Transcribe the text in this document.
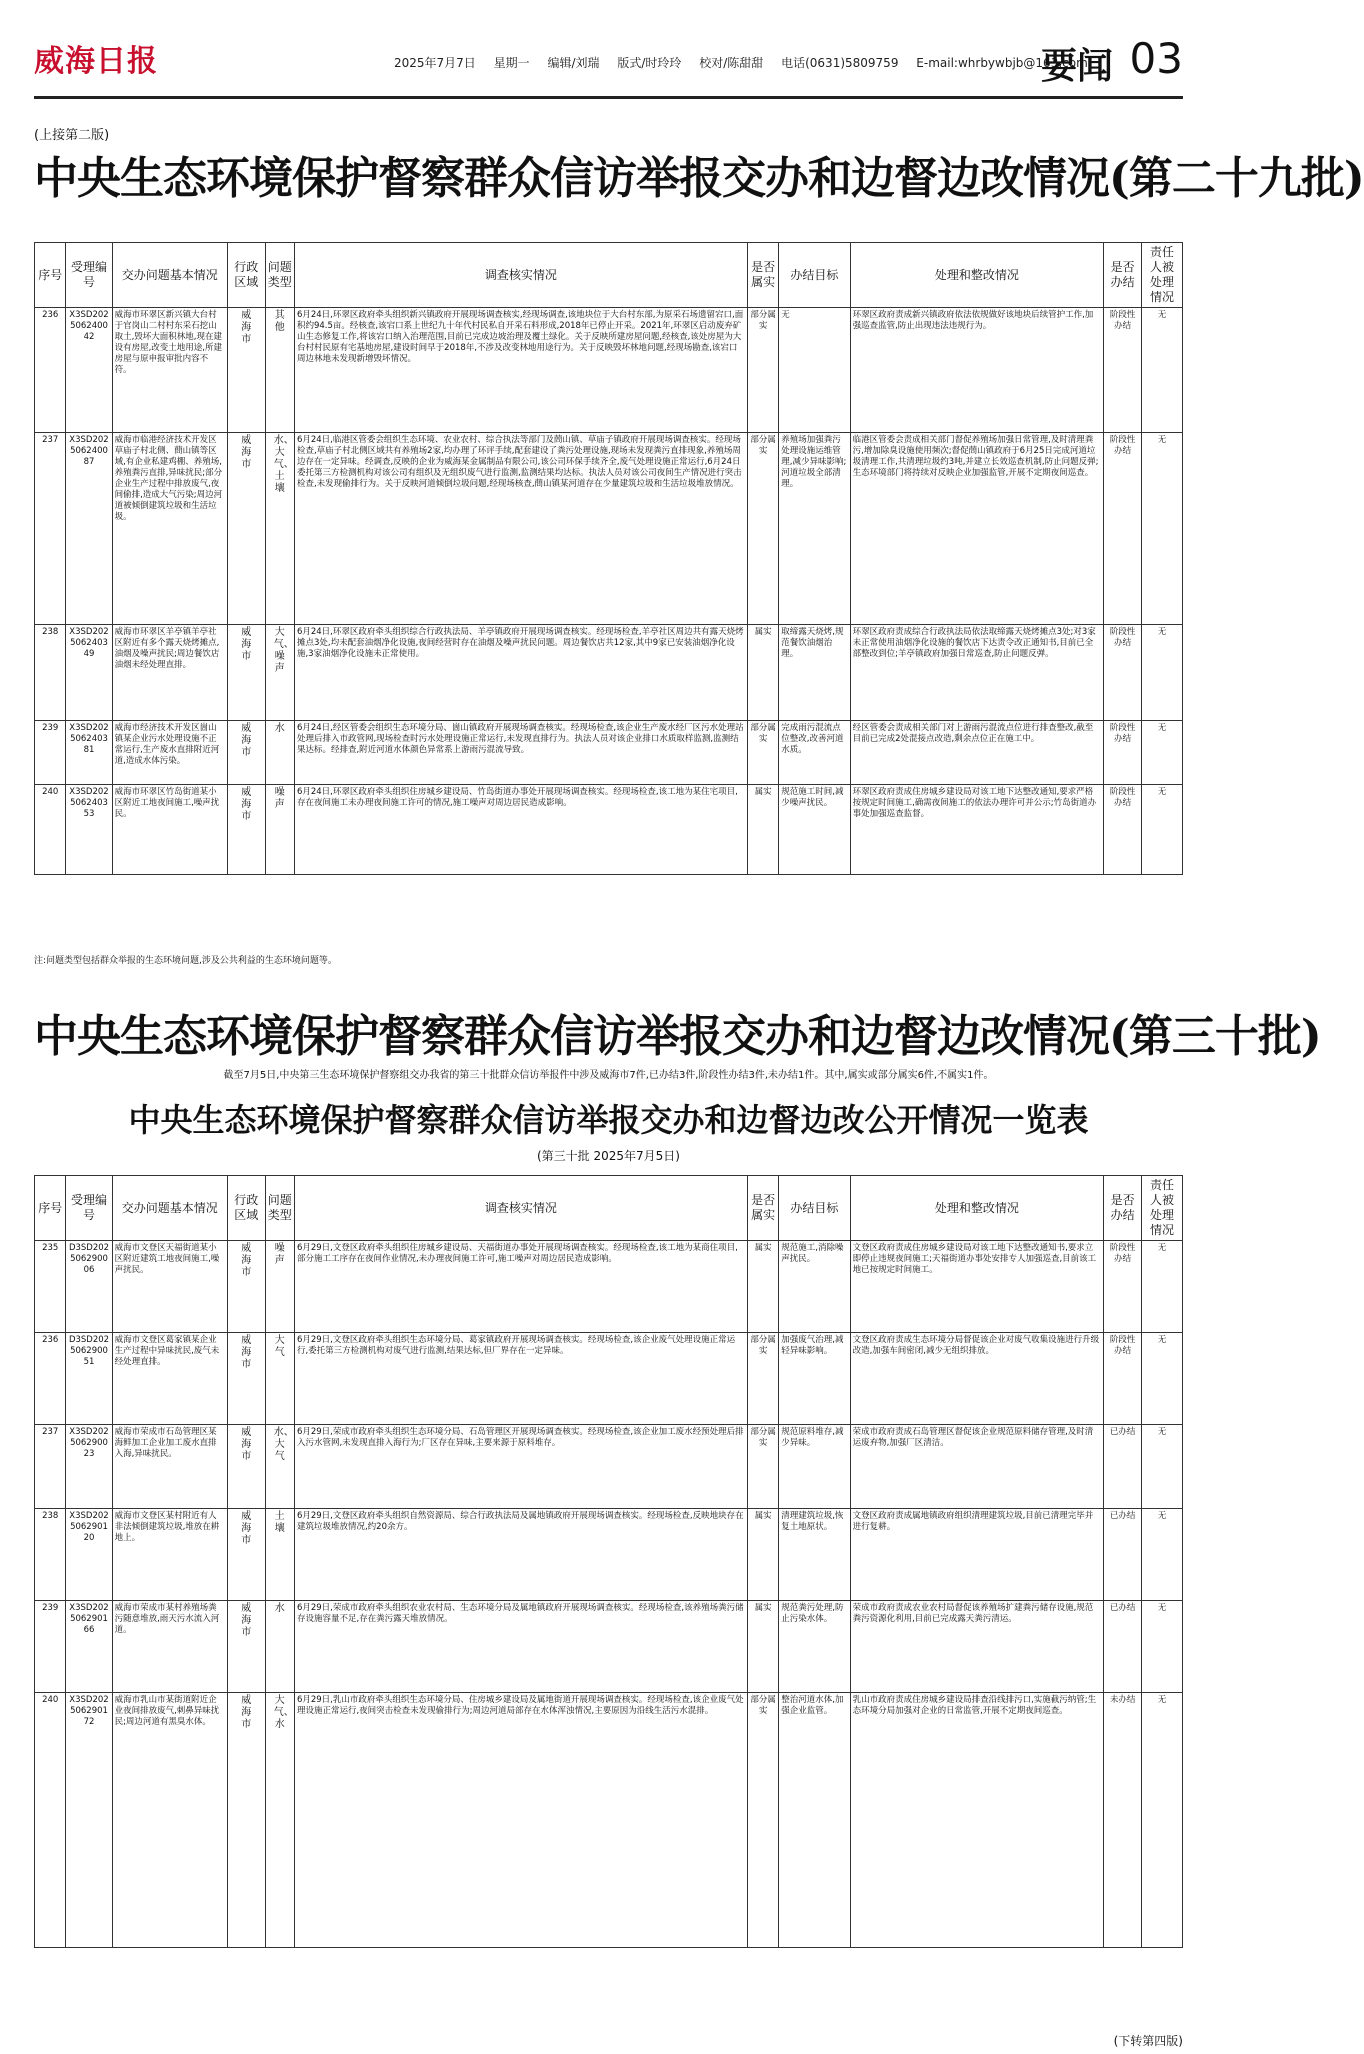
威海日报	2025年7月7日 星期一 编辑/刘瑞 版式/时玲玲 校对/陈甜甜 电话(0631)5809759 E-mail:whrbywbjb@163.com
要闻 03
(上接第二版)
中央生态环境保护督察群众信访举报交办和边督边改情况(第二十九批)
序号	受理编号	交办问题基本情况	行政区域	问题类型	调查核实情况	是否属实	办结目标	处理和整改情况	是否办结	责任人被处理情况
236	X3SD202506240042	威海市环翠区新兴镇大台村于官岗山二村村东采石挖山取土,毁坏大面积林地,现在建设有房屋,改变土地用途,所建房屋与原申报审批内容不符。	威海市	其他	6月24日,环翠区政府牵头组织新兴镇政府开展现场调查核实,经现场调查,该地块位于大台村东部,为原采石场遗留宕口,面积约94.5亩。经核查,该宕口系上世纪九十年代村民私自开采石料形成,2018年已停止开采。2021年,环翠区启动废弃矿山生态修复工作,将该宕口纳入治理范围,目前已完成边坡治理及覆土绿化。关于反映所建房屋问题,经核查,该处房屋为大台村村民原有宅基地房屋,建设时间早于2018年,不涉及改变林地用途行为。关于反映毁坏林地问题,经现场勘查,该宕口周边林地未发现新增毁坏情况。	部分属实	无	环翠区政府责成新兴镇政府依法依规做好该地块后续管护工作,加强巡查监管,防止出现违法违规行为。	阶段性办结	无
237	X3SD202506240087	威海市临港经济技术开发区草庙子村北侧、蔄山镇等区域,有企业私建鸡棚、养殖场,养殖粪污直排,异味扰民;部分企业生产过程中排放废气,夜间偷排,造成大气污染;周边河道被倾倒建筑垃圾和生活垃圾。	威海市	水、大气、土壤	6月24日,临港区管委会组织生态环境、农业农村、综合执法等部门及蔄山镇、草庙子镇政府开展现场调查核实。经现场检查,草庙子村北侧区域共有养殖场2家,均办理了环评手续,配套建设了粪污处理设施,现场未发现粪污直排现象,养殖场周边存在一定异味。经调查,反映的企业为威海某金属制品有限公司,该公司环保手续齐全,废气处理设施正常运行,6月24日委托第三方检测机构对该公司有组织及无组织废气进行监测,监测结果均达标。执法人员对该公司夜间生产情况进行突击检查,未发现偷排行为。关于反映河道倾倒垃圾问题,经现场核查,蔄山镇某河道存在少量建筑垃圾和生活垃圾堆放情况。	部分属实	养殖场加强粪污处理设施运维管理,减少异味影响;河道垃圾全部清理。	临港区管委会责成相关部门督促养殖场加强日常管理,及时清理粪污,增加除臭设施使用频次;督促蔄山镇政府于6月25日完成河道垃圾清理工作,共清理垃圾约3吨,并建立长效巡查机制,防止问题反弹;生态环境部门将持续对反映企业加强监管,开展不定期夜间巡查。	阶段性办结	无
238	X3SD202506240349	威海市环翠区羊亭镇羊亭社区附近有多个露天烧烤摊点,油烟及噪声扰民;周边餐饮店油烟未经处理直排。	威海市	大气、噪声	6月24日,环翠区政府牵头组织综合行政执法局、羊亭镇政府开展现场调查核实。经现场检查,羊亭社区周边共有露天烧烤摊点3处,均未配套油烟净化设施,夜间经营时存在油烟及噪声扰民问题。周边餐饮店共12家,其中9家已安装油烟净化设施,3家油烟净化设施未正常使用。	属实	取缔露天烧烤,规范餐饮油烟治理。	环翠区政府责成综合行政执法局依法取缔露天烧烤摊点3处;对3家未正常使用油烟净化设施的餐饮店下达责令改正通知书,目前已全部整改到位;羊亭镇政府加强日常巡查,防止问题反弹。	阶段性办结	无
239	X3SD202506240381	威海市经济技术开发区崮山镇某企业污水处理设施不正常运行,生产废水直排附近河道,造成水体污染。	威海市	水	6月24日,经区管委会组织生态环境分局、崮山镇政府开展现场调查核实。经现场检查,该企业生产废水经厂区污水处理站处理后排入市政管网,现场检查时污水处理设施正常运行,未发现直排行为。执法人员对该企业排口水质取样监测,监测结果达标。经排查,附近河道水体颜色异常系上游雨污混流导致。	部分属实	完成雨污混流点位整改,改善河道水质。	经区管委会责成相关部门对上游雨污混流点位进行排查整改,截至目前已完成2处混接点改造,剩余点位正在施工中。	阶段性办结	无
240	X3SD202506240353	威海市环翠区竹岛街道某小区附近工地夜间施工,噪声扰民。	威海市	噪声	6月24日,环翠区政府牵头组织住房城乡建设局、竹岛街道办事处开展现场调查核实。经现场检查,该工地为某住宅项目,存在夜间施工未办理夜间施工许可的情况,施工噪声对周边居民造成影响。	属实	规范施工时间,减少噪声扰民。	环翠区政府责成住房城乡建设局对该工地下达整改通知,要求严格按规定时间施工,确需夜间施工的依法办理许可并公示;竹岛街道办事处加强巡查监督。	阶段性办结	无
注:问题类型包括群众举报的生态环境问题,涉及公共利益的生态环境问题等。
中央生态环境保护督察群众信访举报交办和边督边改情况(第三十批)
截至7月5日,中央第三生态环境保护督察组交办我省的第三十批群众信访举报件中涉及威海市7件,已办结3件,阶段性办结3件,未办结1件。其中,属实或部分属实6件,不属实1件。
中央生态环境保护督察群众信访举报交办和边督边改公开情况一览表
(第三十批 2025年7月5日)
序号	受理编号	交办问题基本情况	行政区域	问题类型	调查核实情况	是否属实	办结目标	处理和整改情况	是否办结	责任人被处理情况
235	D3SD202506290006	威海市文登区天福街道某小区附近建筑工地夜间施工,噪声扰民。	威海市	噪声	6月29日,文登区政府牵头组织住房城乡建设局、天福街道办事处开展现场调查核实。经现场检查,该工地为某商住项目,部分施工工序存在夜间作业情况,未办理夜间施工许可,施工噪声对周边居民造成影响。	属实	规范施工,消除噪声扰民。	文登区政府责成住房城乡建设局对该工地下达整改通知书,要求立即停止违规夜间施工;天福街道办事处安排专人加强巡查,目前该工地已按规定时间施工。	阶段性办结	无
236	D3SD202506290051	威海市文登区葛家镇某企业生产过程中异味扰民,废气未经处理直排。	威海市	大气	6月29日,文登区政府牵头组织生态环境分局、葛家镇政府开展现场调查核实。经现场检查,该企业废气处理设施正常运行,委托第三方检测机构对废气进行监测,结果达标,但厂界存在一定异味。	部分属实	加强废气治理,减轻异味影响。	文登区政府责成生态环境分局督促该企业对废气收集设施进行升级改造,加强车间密闭,减少无组织排放。	阶段性办结	无
237	X3SD202506290023	威海市荣成市石岛管理区某海鲜加工企业加工废水直排入海,异味扰民。	威海市	水、大气	6月29日,荣成市政府牵头组织生态环境分局、石岛管理区开展现场调查核实。经现场检查,该企业加工废水经预处理后排入污水管网,未发现直排入海行为;厂区存在异味,主要来源于原料堆存。	部分属实	规范原料堆存,减少异味。	荣成市政府责成石岛管理区督促该企业规范原料储存管理,及时清运废弃物,加强厂区清洁。	已办结	无
238	X3SD202506290120	威海市文登区某村附近有人非法倾倒建筑垃圾,堆放在耕地上。	威海市	土壤	6月29日,文登区政府牵头组织自然资源局、综合行政执法局及属地镇政府开展现场调查核实。经现场检查,反映地块存在建筑垃圾堆放情况,约20余方。	属实	清理建筑垃圾,恢复土地原状。	文登区政府责成属地镇政府组织清理建筑垃圾,目前已清理完毕并进行复耕。	已办结	无
239	X3SD202506290166	威海市荣成市某村养殖场粪污随意堆放,雨天污水流入河道。	威海市	水	6月29日,荣成市政府牵头组织农业农村局、生态环境分局及属地镇政府开展现场调查核实。经现场检查,该养殖场粪污储存设施容量不足,存在粪污露天堆放情况。	属实	规范粪污处理,防止污染水体。	荣成市政府责成农业农村局督促该养殖场扩建粪污储存设施,规范粪污资源化利用,目前已完成露天粪污清运。	已办结	无
240	X3SD202506290172	威海市乳山市某街道附近企业夜间排放废气,刺鼻异味扰民;周边河道有黑臭水体。	威海市	大气、水	6月29日,乳山市政府牵头组织生态环境分局、住房城乡建设局及属地街道开展现场调查核实。经现场检查,该企业废气处理设施正常运行,夜间突击检查未发现偷排行为;周边河道局部存在水体浑浊情况,主要原因为沿线生活污水混排。	部分属实	整治河道水体,加强企业监管。	乳山市政府责成住房城乡建设局排查沿线排污口,实施截污纳管;生态环境分局加强对企业的日常监管,开展不定期夜间巡查。	未办结	无
(下转第四版)
